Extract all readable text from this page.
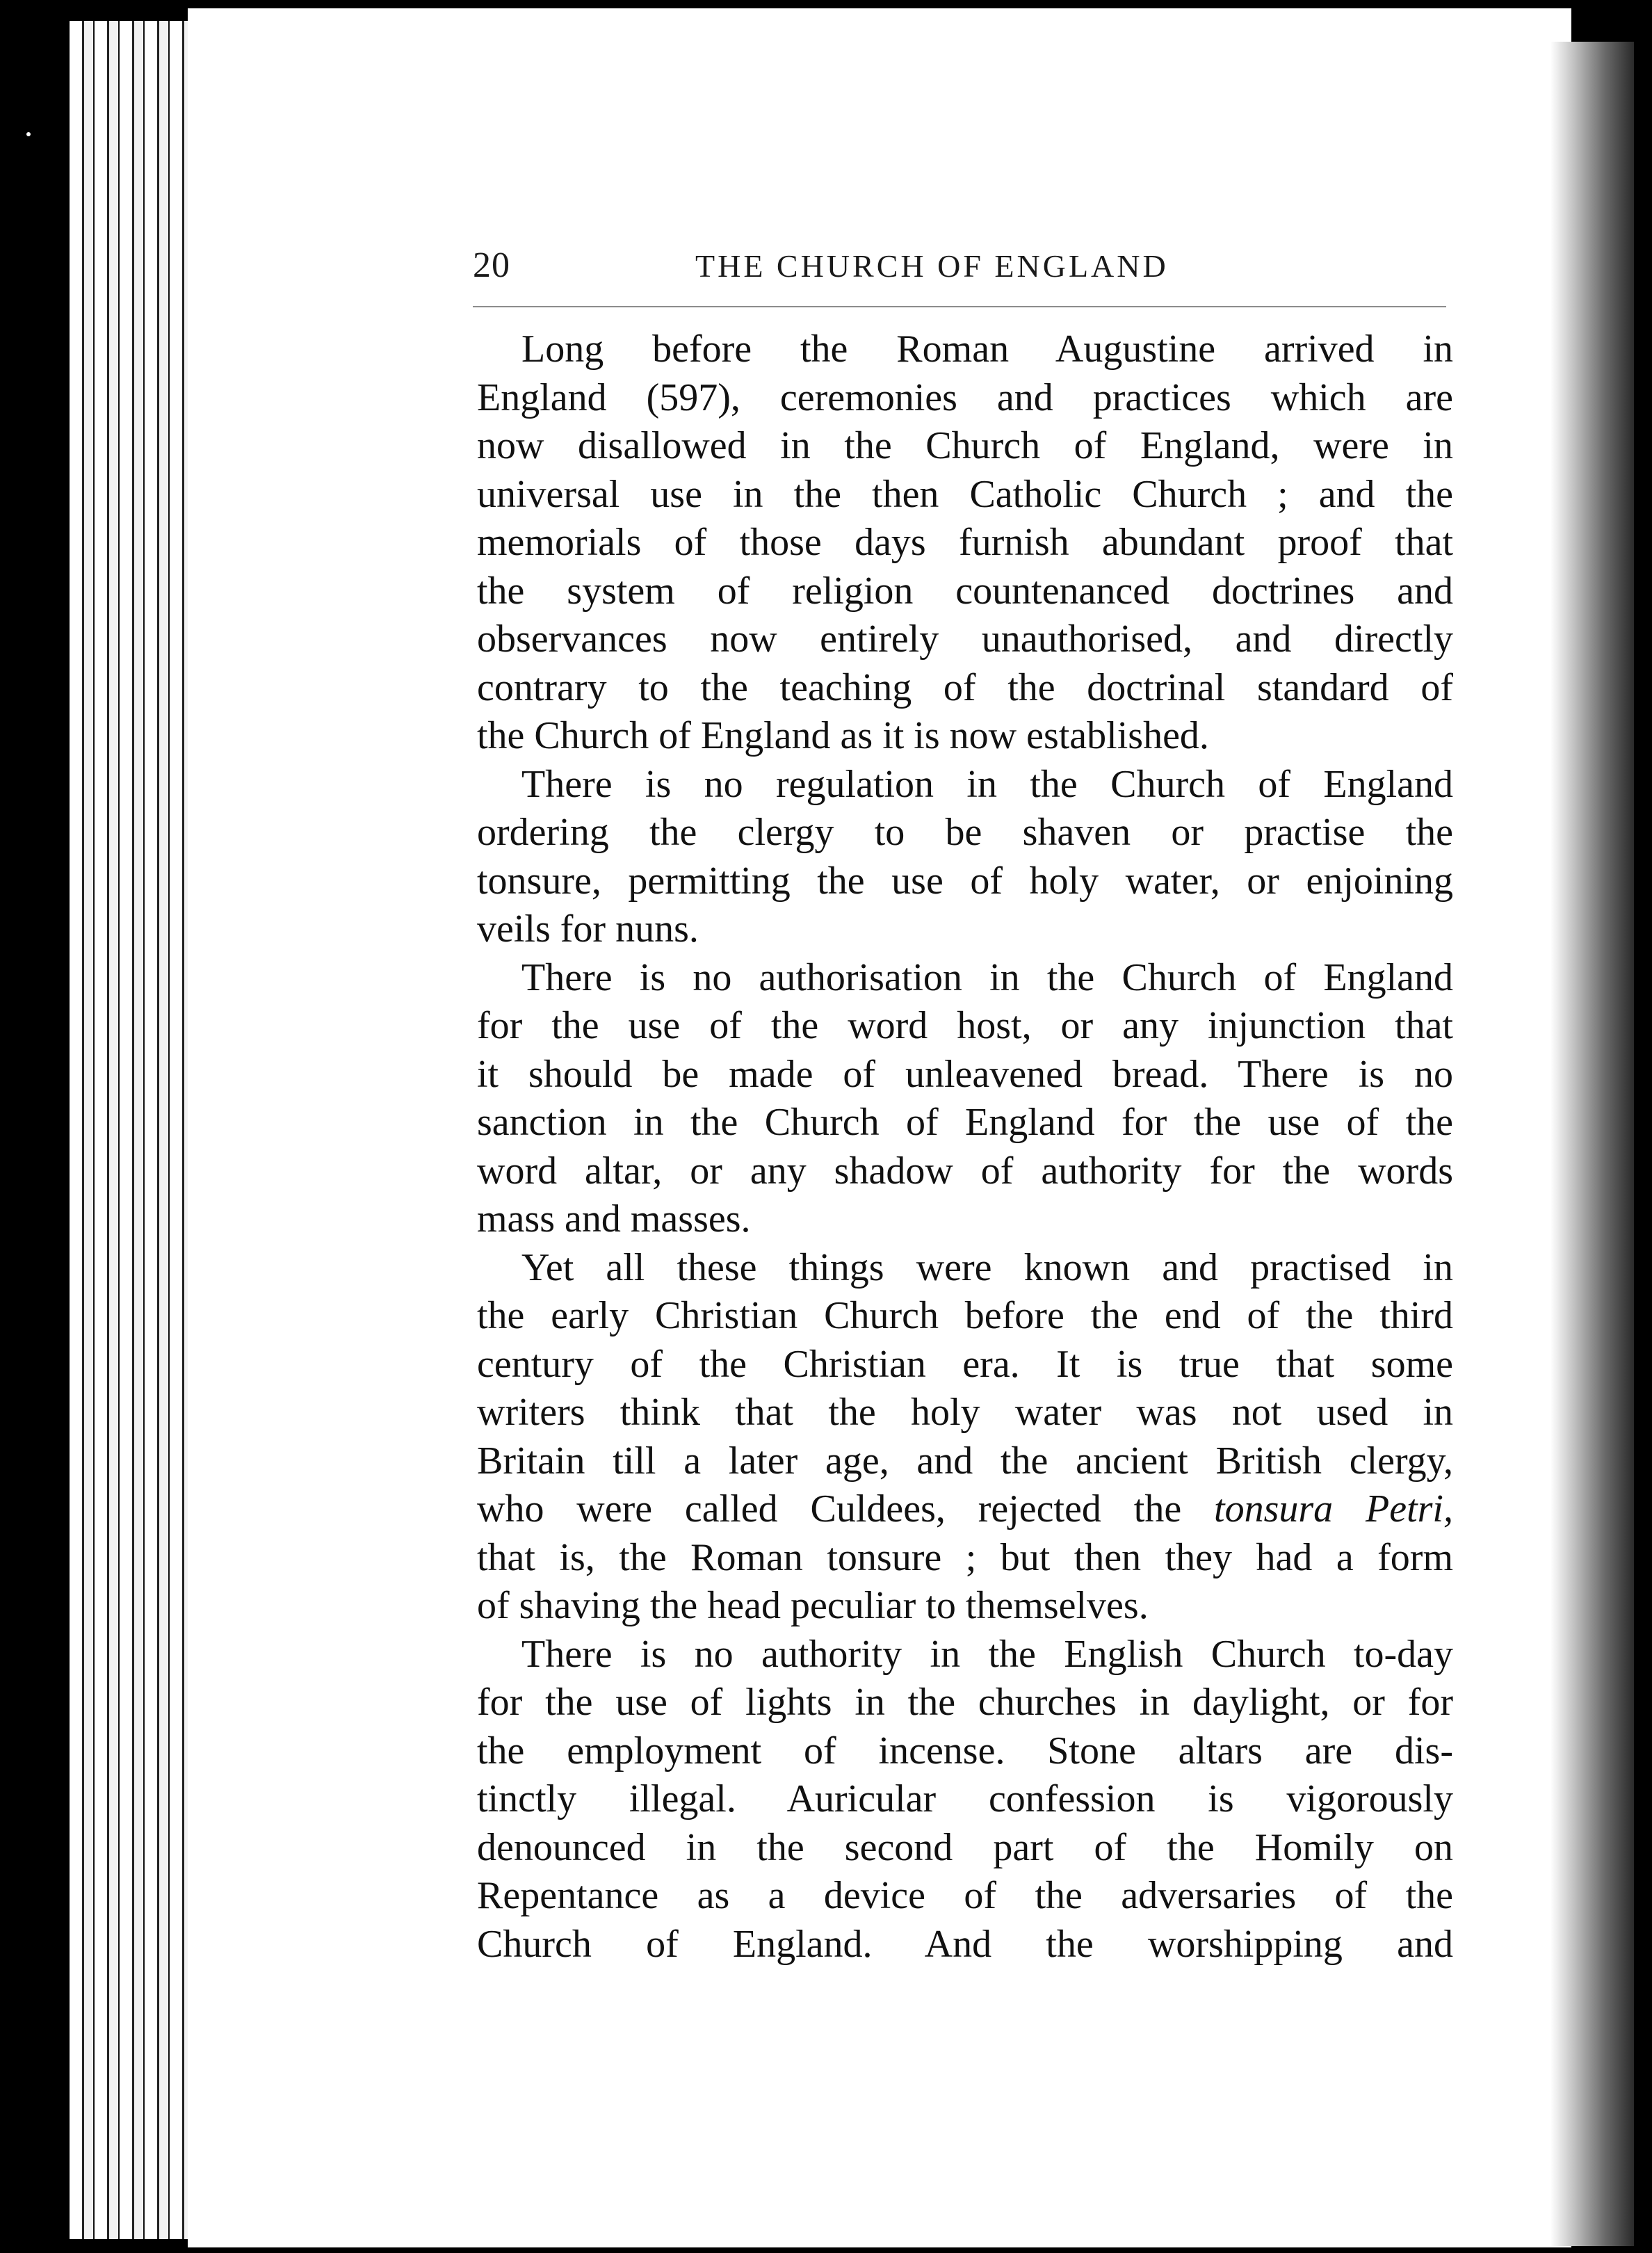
20	THE CHURCH OF ENGLAND
Long before the Roman Augustine arrived in
England (597), ceremonies and practices which are
now disallowed in the Church of England, were in
universal use in the then Catholic Church ; and the
memorials of those days furnish abundant proof that
the system of religion countenanced doctrines and
observances now entirely unauthorised, and directly
contrary to the teaching of the doctrinal standard of
the Church of England as it is now established.
There is no regulation in the Church of England
ordering the clergy to be shaven or practise the
tonsure, permitting the use of holy water, or enjoining
veils for nuns.
There is no authorisation in the Church of England
for the use of the word host, or any injunction that
it should be made of unleavened bread. There is no
sanction in the Church of England for the use of the
word altar, or any shadow of authority for the words
mass and masses.
Yet all these things were known and practised in
the early Christian Church before the end of the third
century of the Christian era. It is true that some
writers think that the holy water was not used in
Britain till a later age, and the ancient British clergy,
who were called Culdees, rejected the tonsura Petri,
that is, the Roman tonsure ; but then they had a form
of shaving the head peculiar to themselves.
There is no authority in the English Church to-day
for the use of lights in the churches in daylight, or for
the employment of incense. Stone altars are dis-
tinctly illegal. Auricular confession is vigorously
denounced in the second part of the Homily on
Repentance as a device of the adversaries of the
Church of England. And the worshipping and
